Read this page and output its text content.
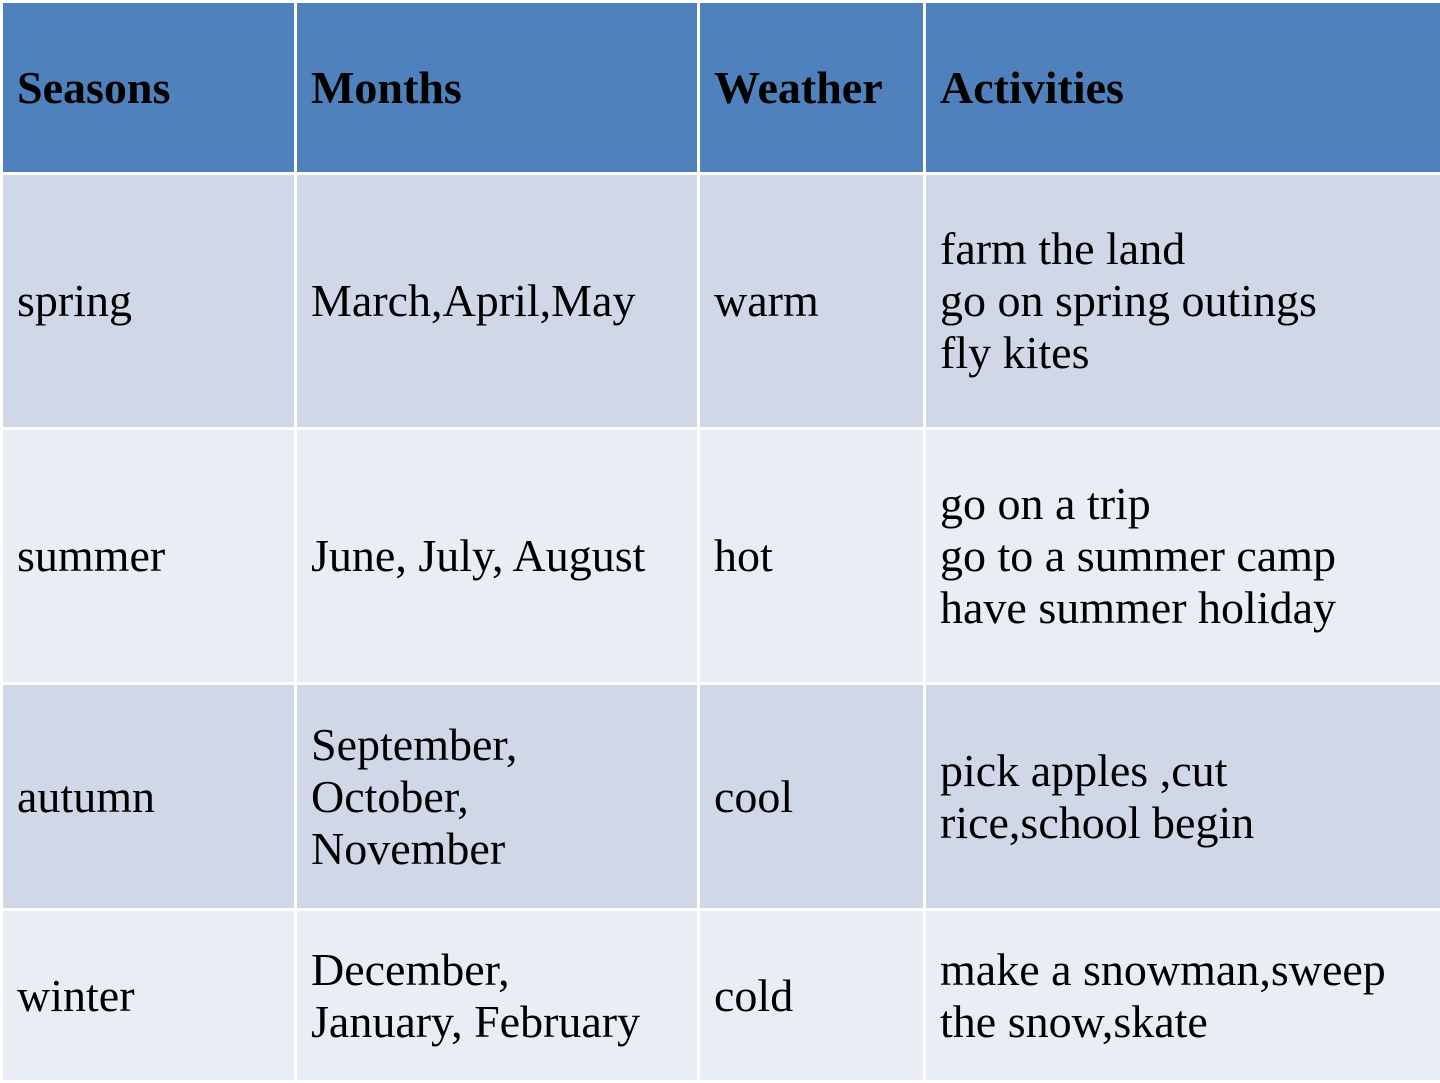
Seasons	Months	Weather	Activities
spring	March,April,May	warm	farm the land
go on spring outings
fly kites

summer	June, July, August	hot	go on a trip
go to a summer camp
have summer holiday

autumn	September,
October,
November	cool	pick apples ,cut
rice,school begin

winter	December,
January, February	cold	make a snowman,sweep
the snow,skate
